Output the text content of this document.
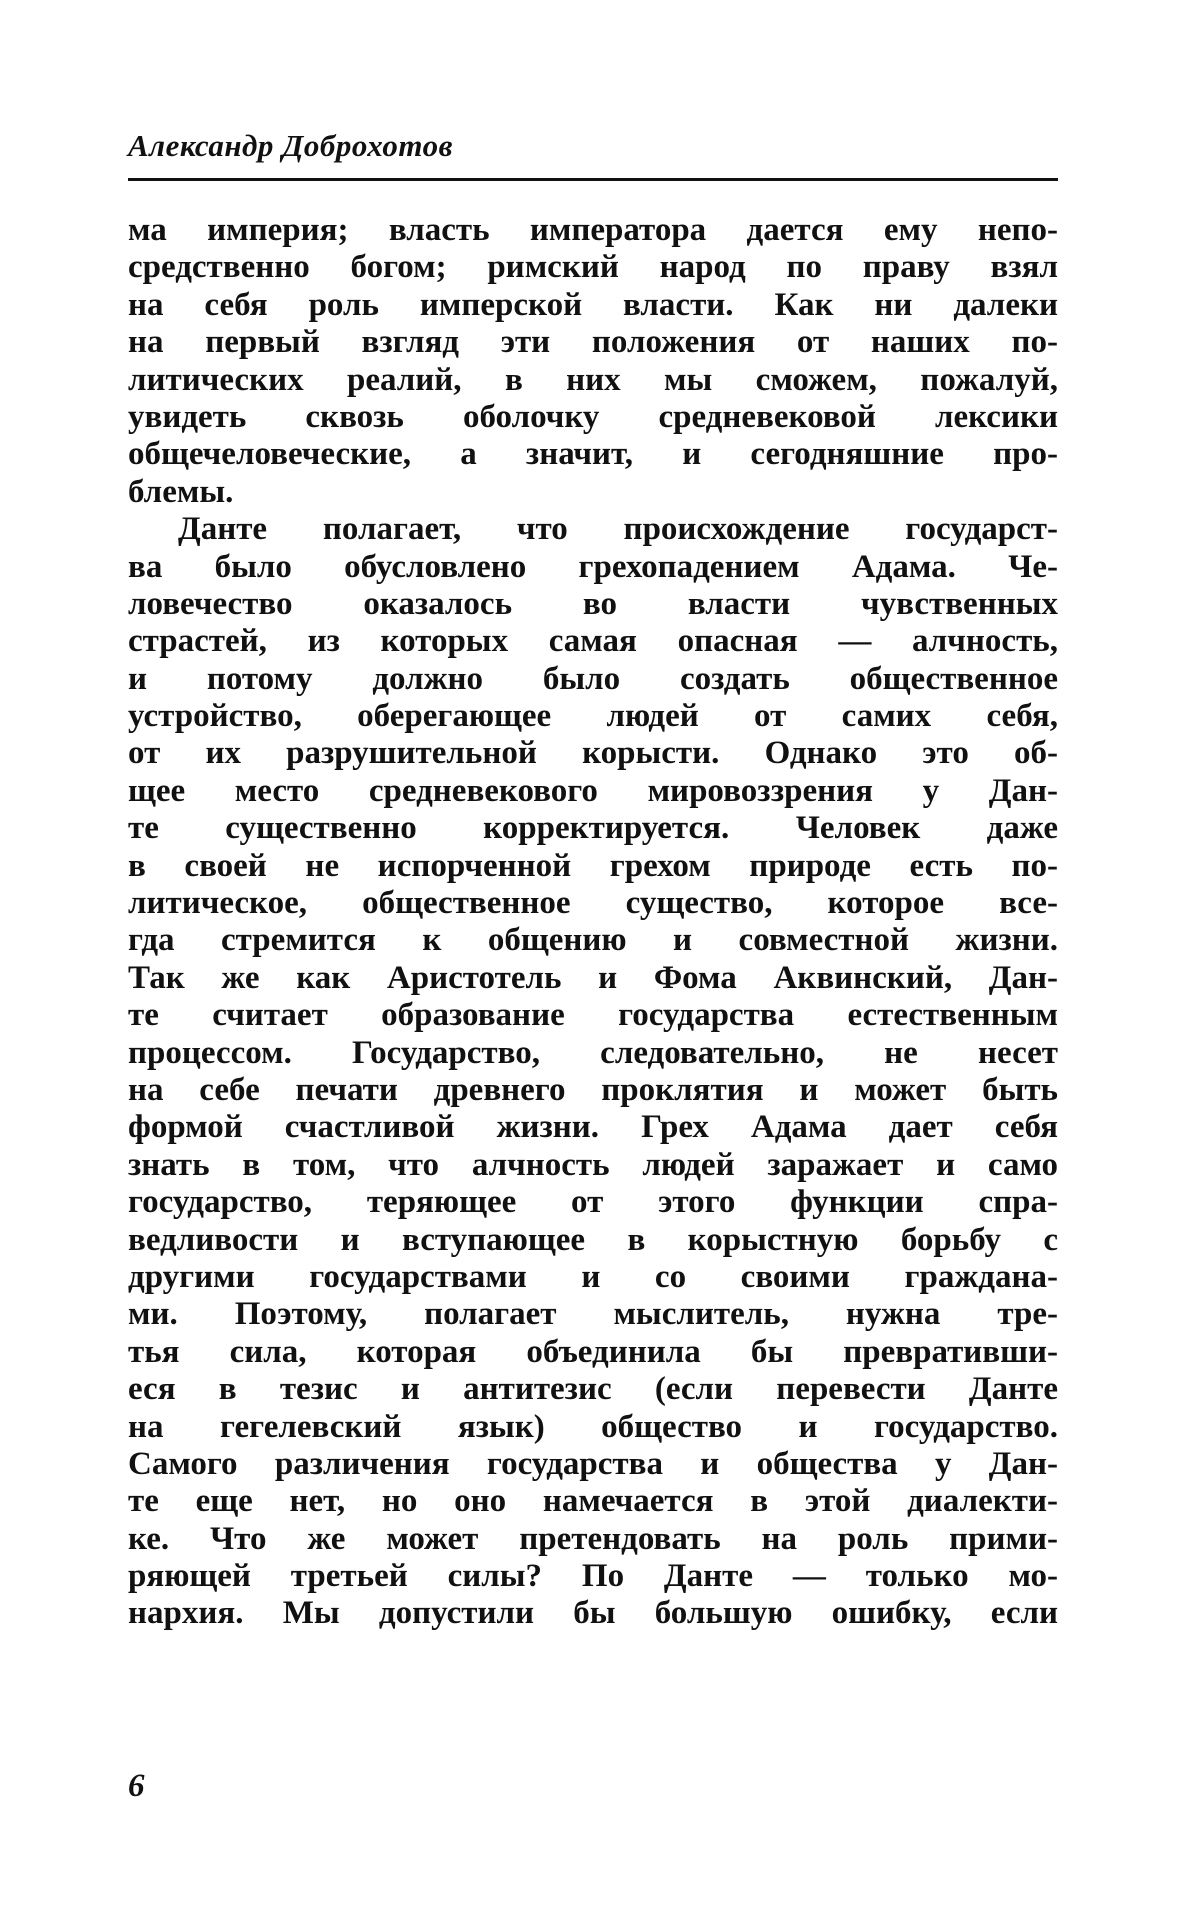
Александр Доброхотов
ма империя; власть императора дается ему непо-
средственно богом; римский народ по праву взял
на себя роль имперской власти. Как ни далеки
на первый взгляд эти положения от наших по-
литических реалий, в них мы сможем, пожалуй,
увидеть сквозь оболочку средневековой лексики
общечеловеческие, а значит, и сегодняшние про-
блемы.
Данте полагает, что происхождение государст-
ва было обусловлено грехопадением Адама. Че-
ловечество оказалось во власти чувственных
страстей, из которых самая опасная — алчность,
и потому должно было создать общественное
устройство, оберегающее людей от самих себя,
от их разрушительной корысти. Однако это об-
щее место средневекового мировоззрения у Дан-
те существенно корректируется. Человек даже
в своей не испорченной грехом природе есть по-
литическое, общественное существо, которое все-
гда стремится к общению и совместной жизни.
Так же как Аристотель и Фома Аквинский, Дан-
те считает образование государства естественным
процессом. Государство, следовательно, не несет
на себе печати древнего проклятия и может быть
формой счастливой жизни. Грех Адама дает себя
знать в том, что алчность людей заражает и само
государство, теряющее от этого функции спра-
ведливости и вступающее в корыстную борьбу с
другими государствами и со своими граждана-
ми. Поэтому, полагает мыслитель, нужна тре-
тья сила, которая объединила бы превративши-
еся в тезис и антитезис (если перевести Данте
на гегелевский язык) общество и государство.
Самого различения государства и общества у Дан-
те еще нет, но оно намечается в этой диалекти-
ке. Что же может претендовать на роль прими-
ряющей третьей силы? По Данте — только мо-
нархия. Мы допустили бы большую ошибку, если
6
